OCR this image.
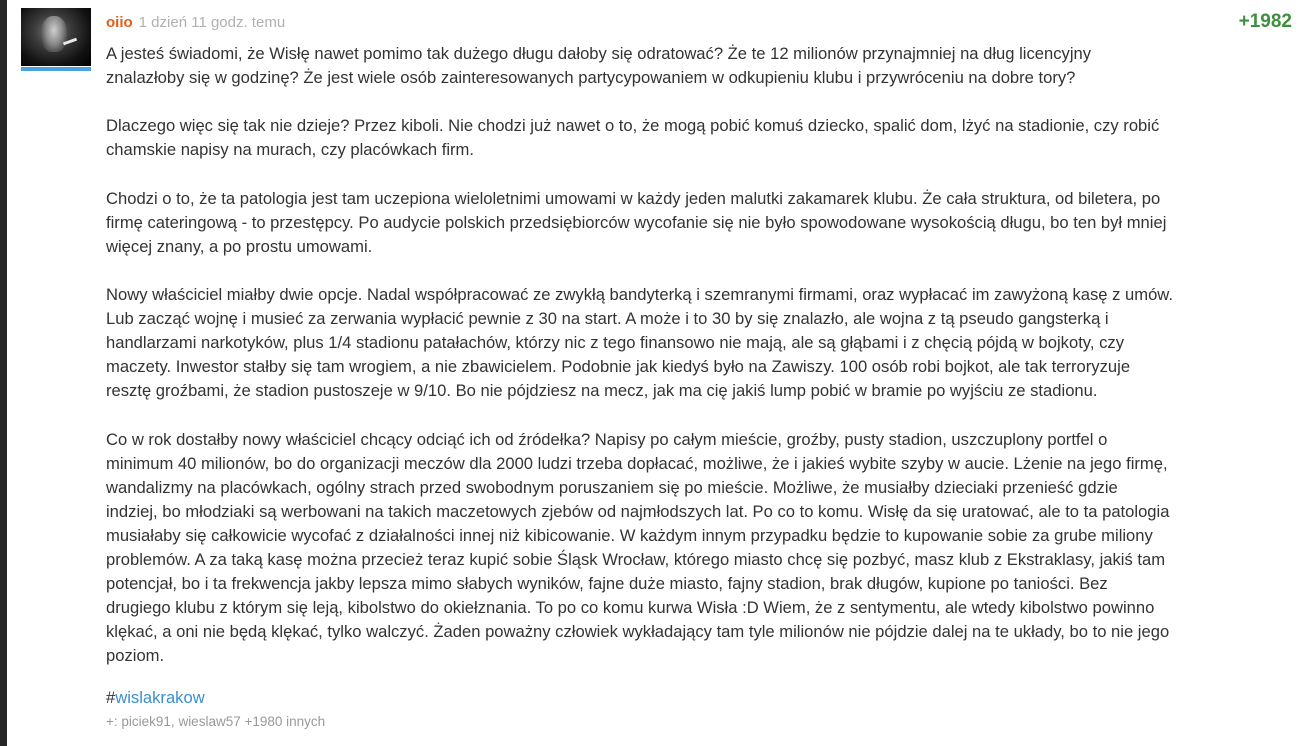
oiio 1 dzień 11 godz. temu	+1982

A jesteś świadomi, że Wisłę nawet pomimo tak dużego długu dałoby się odratować? Że te 12 milionów przynajmniej na dług licencyjny
znalazłoby się w godzinę? Że jest wiele osób zainteresowanych partycypowaniem w odkupieniu klubu i przywróceniu na dobre tory?

Dlaczego więc się tak nie dzieje? Przez kiboli. Nie chodzi już nawet o to, że mogą pobić komuś dziecko, spalić dom, lżyć na stadionie, czy robić
chamskie napisy na murach, czy placówkach firm.

Chodzi o to, że ta patologia jest tam uczepiona wieloletnimi umowami w każdy jeden malutki zakamarek klubu. Że cała struktura, od biletera, po
firmę cateringową - to przestępcy. Po audycie polskich przedsiębiorców wycofanie się nie było spowodowane wysokością długu, bo ten był mniej
więcej znany, a po prostu umowami.

Nowy właściciel miałby dwie opcje. Nadal współpracować ze zwykłą bandyterką i szemranymi firmami, oraz wypłacać im zawyżoną kasę z umów.
Lub zacząć wojnę i musieć za zerwania wypłacić pewnie z 30 na start. A może i to 30 by się znalazło, ale wojna z tą pseudo gangsterką i
handlarzami narkotyków, plus 1/4 stadionu patałachów, którzy nic z tego finansowo nie mają, ale są głąbami i z chęcią pójdą w bojkoty, czy
maczety. Inwestor stałby się tam wrogiem, a nie zbawicielem. Podobnie jak kiedyś było na Zawiszy. 100 osób robi bojkot, ale tak terroryzuje
resztę groźbami, że stadion pustoszeje w 9/10. Bo nie pójdziesz na mecz, jak ma cię jakiś lump pobić w bramie po wyjściu ze stadionu.

Co w rok dostałby nowy właściciel chcący odciąć ich od źródełka? Napisy po całym mieście, groźby, pusty stadion, uszczuplony portfel o
minimum 40 milionów, bo do organizacji meczów dla 2000 ludzi trzeba dopłacać, możliwe, że i jakieś wybite szyby w aucie. Lżenie na jego firmę,
wandalizmy na placówkach, ogólny strach przed swobodnym poruszaniem się po mieście. Możliwe, że musiałby dzieciaki przenieść gdzie
indziej, bo młodziaki są werbowani na takich maczetowych zjebów od najmłodszych lat. Po co to komu. Wisłę da się uratować, ale to ta patologia
musiałaby się całkowicie wycofać z działalności innej niż kibicowanie. W każdym innym przypadku będzie to kupowanie sobie za grube miliony
problemów. A za taką kasę można przecież teraz kupić sobie Śląsk Wrocław, którego miasto chcę się pozbyć, masz klub z Ekstraklasy, jakiś tam
potencjał, bo i ta frekwencja jakby lepsza mimo słabych wyników, fajne duże miasto, fajny stadion, brak długów, kupione po taniości. Bez
drugiego klubu z którym się leją, kibolstwo do okiełznania. To po co komu kurwa Wisła :D Wiem, że z sentymentu, ale wtedy kibolstwo powinno
klękać, a oni nie będą klękać, tylko walczyć. Żaden poważny człowiek wykładający tam tyle milionów nie pójdzie dalej na te układy, bo to nie jego
poziom.

#wislakrakow
+: piciek91, wieslaw57 +1980 innych
